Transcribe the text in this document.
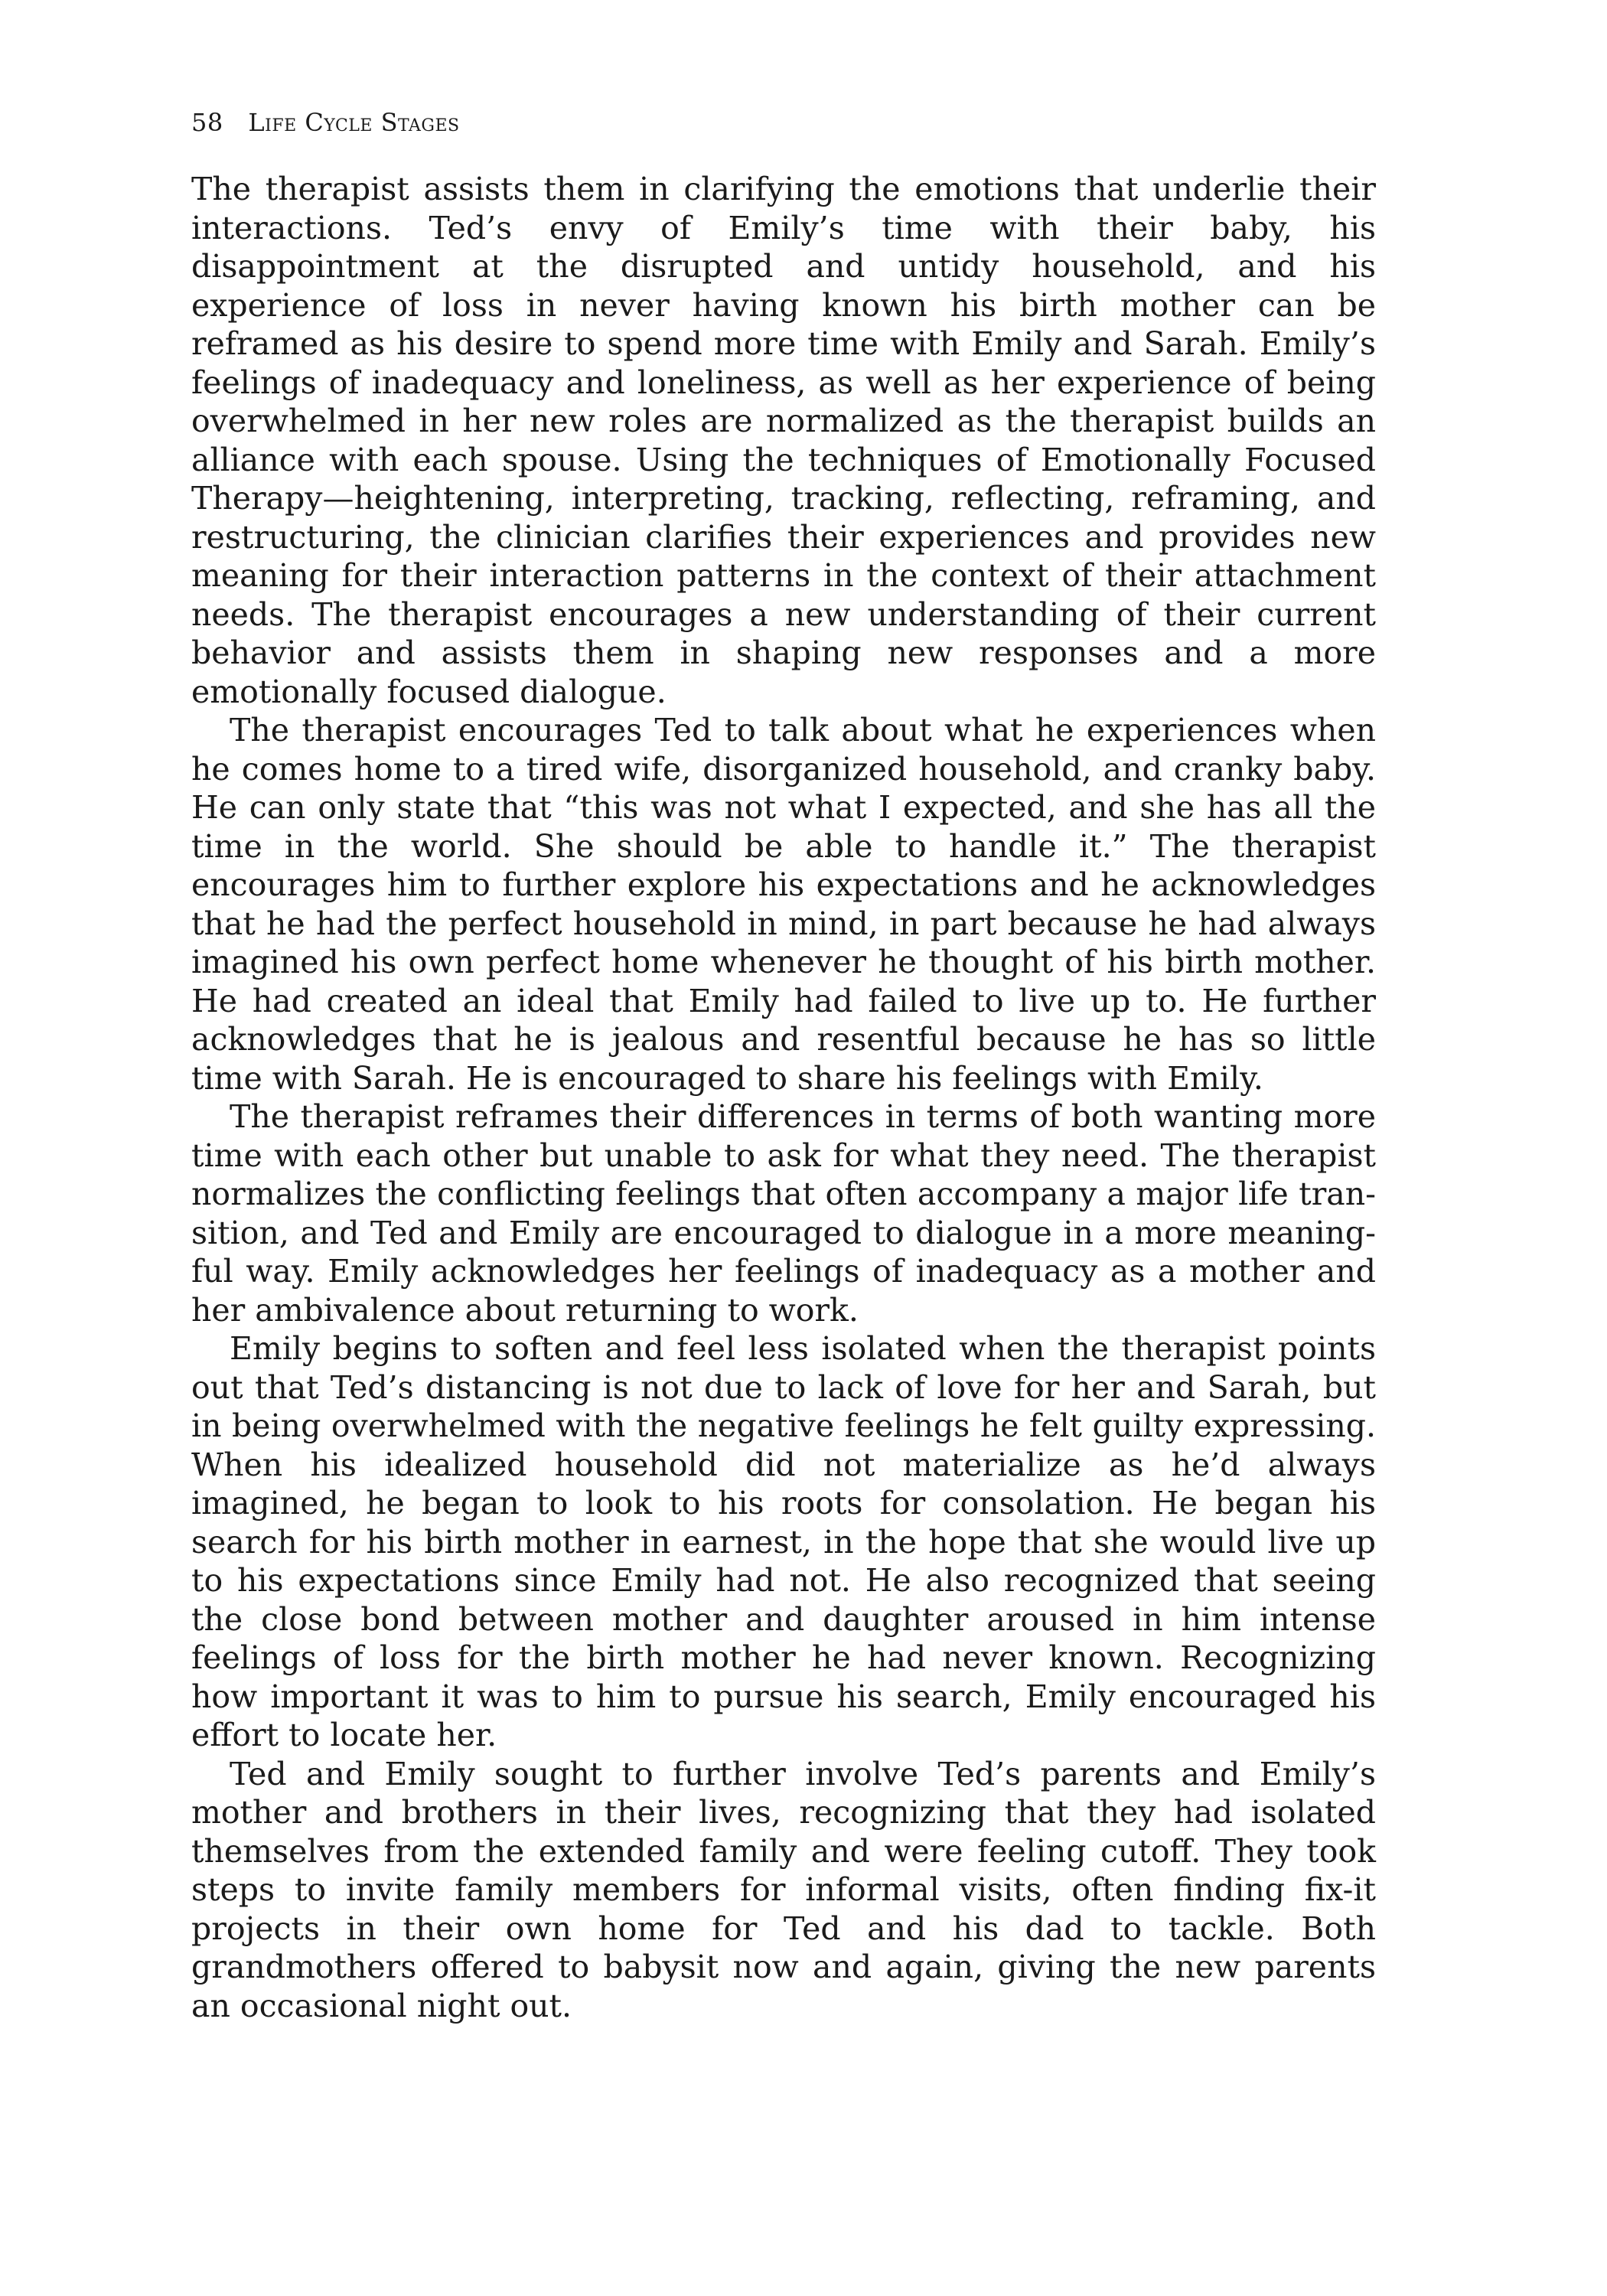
58 Life Cycle Stages

The therapist assists them in clarifying the emotions that underlie their interactions. Ted’s envy of Emily’s time with their baby, his disappointment at the disrupted and untidy household, and his experience of loss in never having known his birth mother can be reframed as his desire to spend more time with Emily and Sarah. Emily’s feelings of inadequacy and loneliness, as well as her experience of being overwhelmed in her new roles are normalized as the therapist builds an alliance with each spouse. Using the techniques of Emotionally Focused Therapy—heightening, interpreting, tracking, reflecting, reframing, and restructuring, the clinician clarifies their experiences and provides new meaning for their interaction patterns in the context of their attachment needs. The therapist encourages a new understanding of their current behavior and assists them in shaping new responses and a more emotionally focused dialogue.

The therapist encourages Ted to talk about what he experiences when he comes home to a tired wife, disorganized household, and cranky baby. He can only state that “this was not what I expected, and she has all the time in the world. She should be able to handle it.” The therapist encourages him to further explore his expectations and he acknowledges that he had the perfect household in mind, in part because he had always imagined his own perfect home whenever he thought of his birth mother. He had created an ideal that Emily had failed to live up to. He further acknowledges that he is jealous and resentful because he has so little time with Sarah. He is encouraged to share his feelings with Emily.

The therapist reframes their differences in terms of both wanting more time with each other but unable to ask for what they need. The therapist normalizes the conflicting feelings that often accompany a major life transition, and Ted and Emily are encouraged to dialogue in a more meaningful way. Emily acknowledges her feelings of inadequacy as a mother and her ambivalence about returning to work.

Emily begins to soften and feel less isolated when the therapist points out that Ted’s distancing is not due to lack of love for her and Sarah, but in being overwhelmed with the negative feelings he felt guilty expressing. When his idealized household did not materialize as he’d always imagined, he began to look to his roots for consolation. He began his search for his birth mother in earnest, in the hope that she would live up to his expectations since Emily had not. He also recognized that seeing the close bond between mother and daughter aroused in him intense feelings of loss for the birth mother he had never known. Recognizing how important it was to him to pursue his search, Emily encouraged his effort to locate her.

Ted and Emily sought to further involve Ted’s parents and Emily’s mother and brothers in their lives, recognizing that they had isolated themselves from the extended family and were feeling cutoff. They took steps to invite family members for informal visits, often finding fix-it projects in their own home for Ted and his dad to tackle. Both grandmothers offered to babysit now and again, giving the new parents an occasional night out.
